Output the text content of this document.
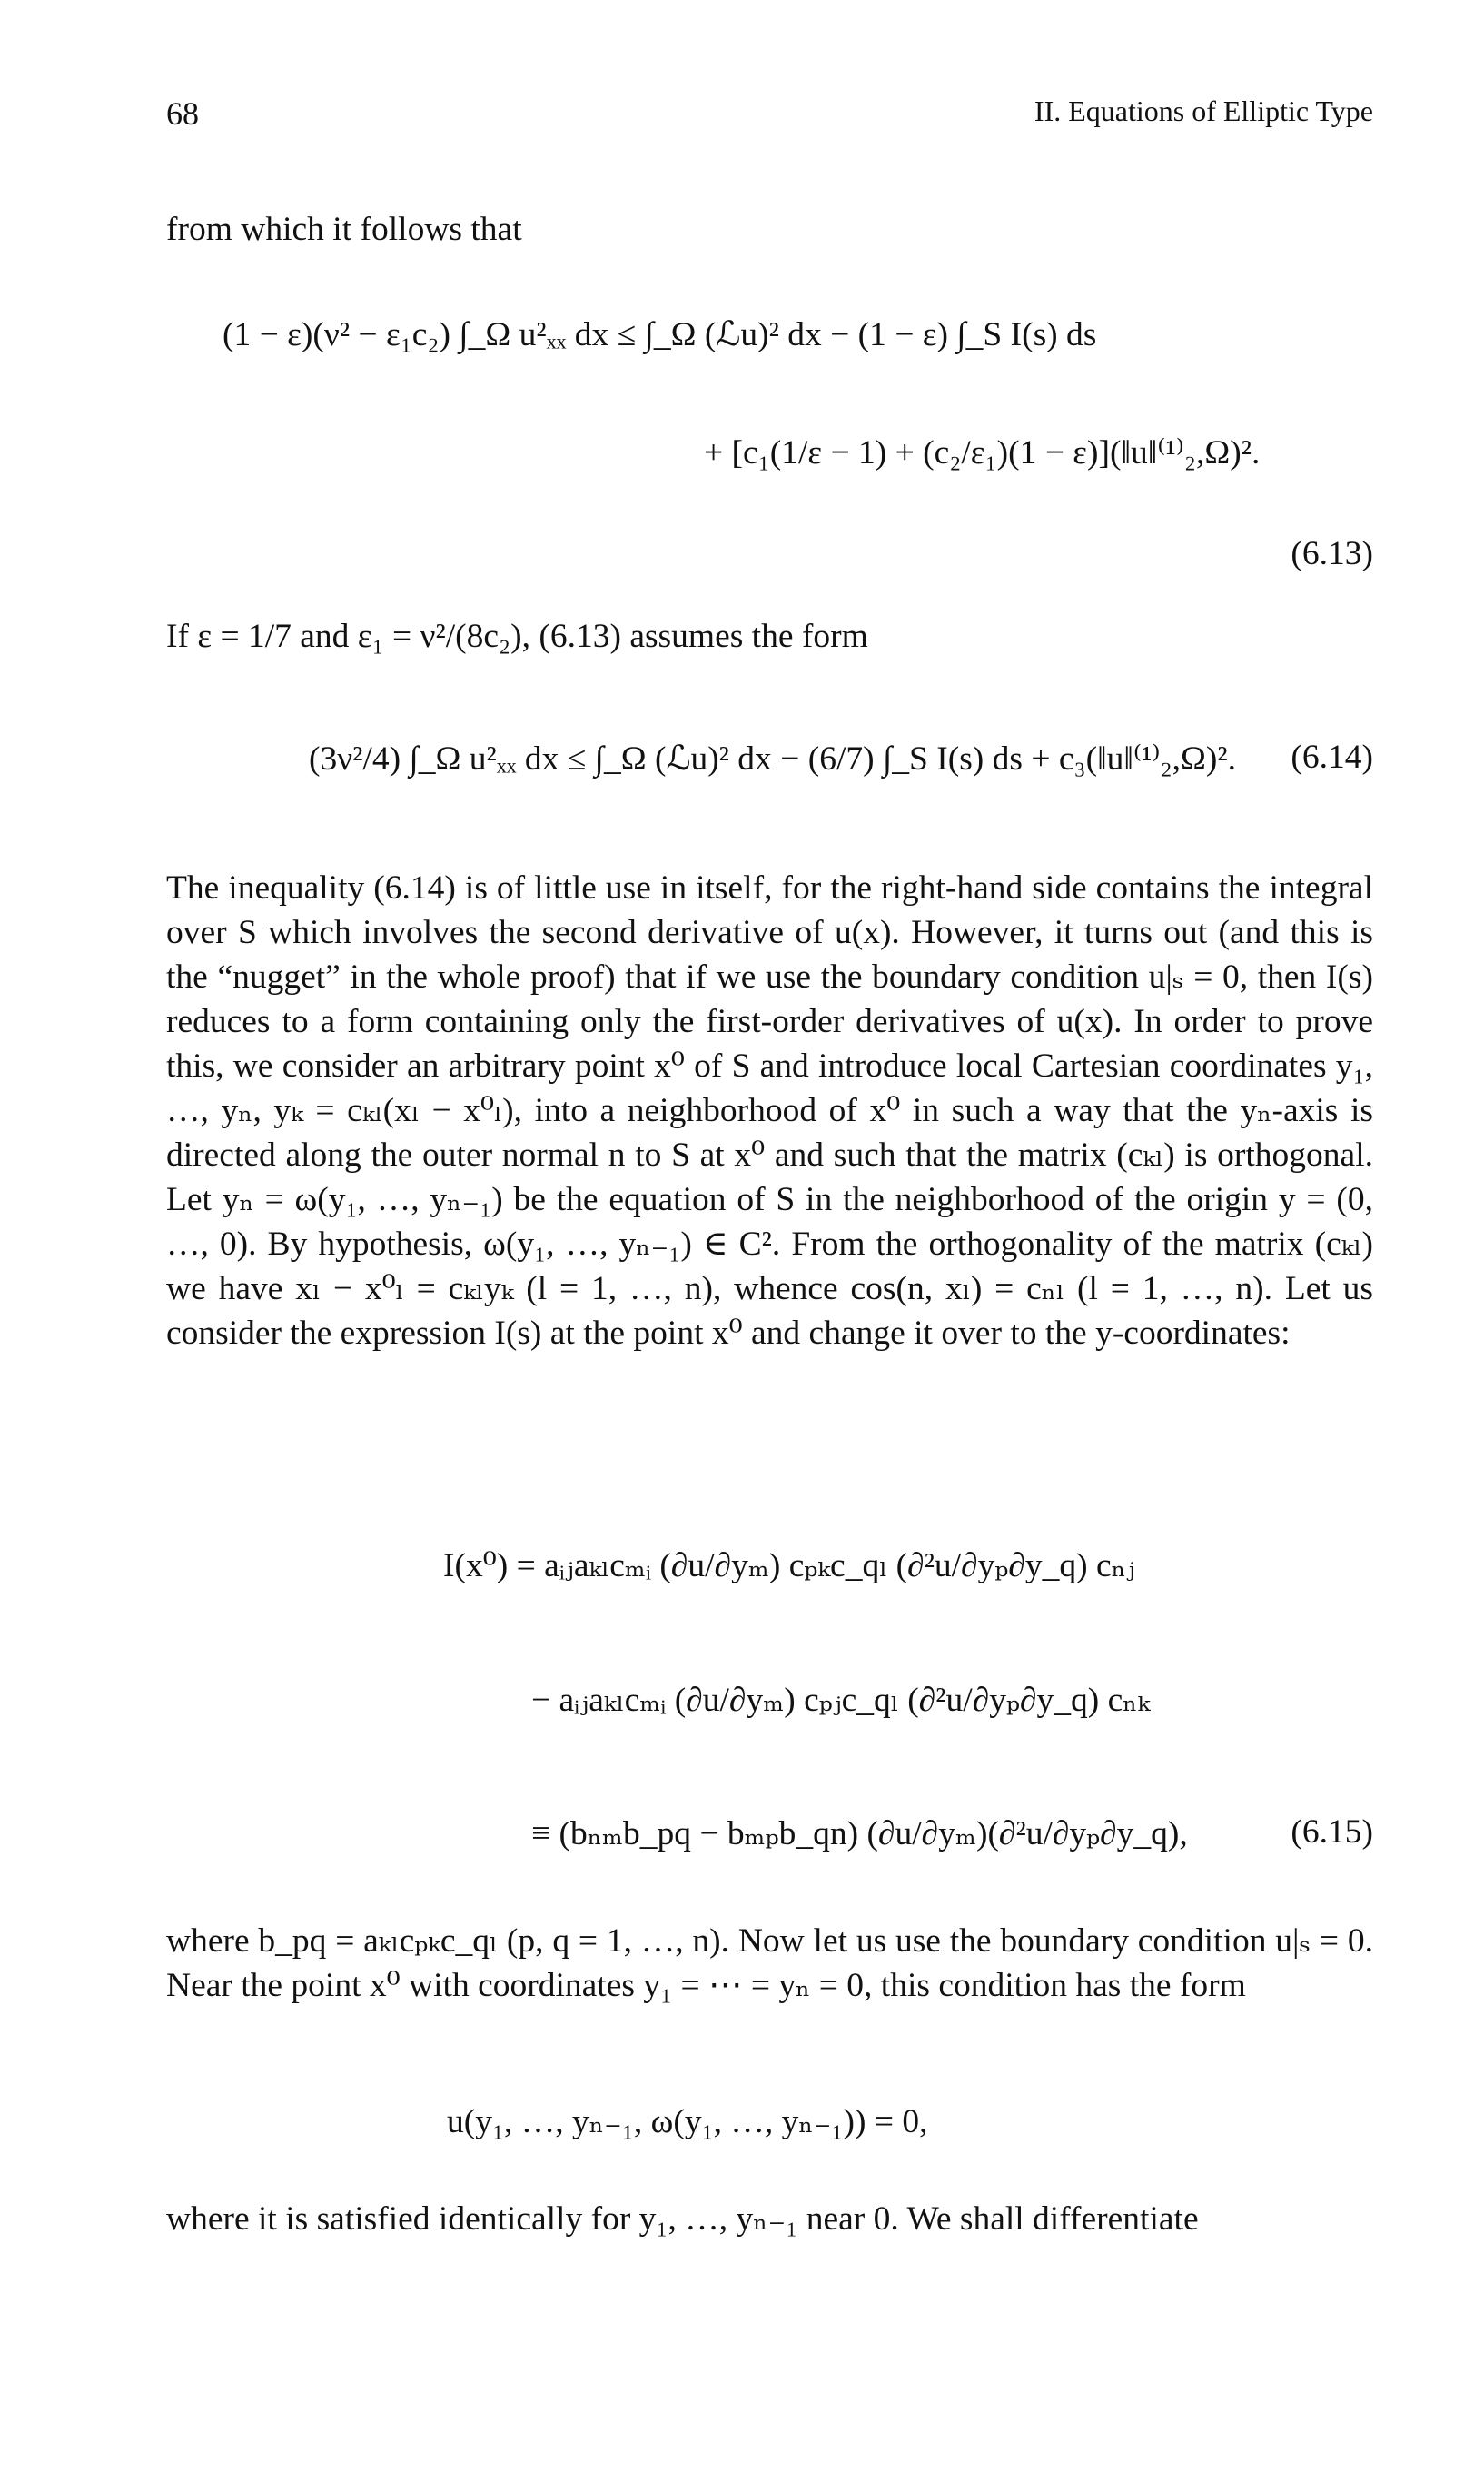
68	II. Equations of Elliptic Type
from which it follows that
(1 − ε)(ν² − ε₁c₂) ∫_Ω u²ₓₓ dx ≤ ∫_Ω (ℒu)² dx − (1 − ε) ∫_S I(s) ds
+ [c₁(1/ε − 1) + (c₂/ε₁)(1 − ε)](‖u‖⁽¹⁾₂,Ω)².
(6.13)
If ε = 1/7 and ε₁ = ν²/(8c₂), (6.13) assumes the form
(3ν²/4) ∫_Ω u²ₓₓ dx ≤ ∫_Ω (ℒu)² dx − (6/7) ∫_S I(s) ds + c₃(‖u‖⁽¹⁾₂,Ω)². (6.14)
The inequality (6.14) is of little use in itself, for the right-hand side contains the integral over S which involves the second derivative of u(x). However, it turns out (and this is the “nugget” in the whole proof) that if we use the boundary condition u|ₛ = 0, then I(s) reduces to a form containing only the first-order derivatives of u(x). In order to prove this, we consider an arbitrary point x⁰ of S and introduce local Cartesian coordinates y₁, …, yₙ, yₖ = cₖₗ(xₗ − x⁰ₗ), into a neighborhood of x⁰ in such a way that the yₙ-axis is directed along the outer normal n to S at x⁰ and such that the matrix (cₖₗ) is orthogonal. Let yₙ = ω(y₁, …, yₙ₋₁) be the equation of S in the neighborhood of the origin y = (0, …, 0). By hypothesis, ω(y₁, …, yₙ₋₁) ∈ C². From the orthogonality of the matrix (cₖₗ) we have xₗ − x⁰ₗ = cₖₗyₖ (l = 1, …, n), whence cos(n, xₗ) = cₙₗ (l = 1, …, n). Let us consider the expression I(s) at the point x⁰ and change it over to the y-coordinates:
I(x⁰) = aᵢⱼaₖₗcₘᵢ (∂u/∂yₘ) cₚₖc_qₗ (∂²u/∂yₚ∂y_q) cₙⱼ
− aᵢⱼaₖₗcₘᵢ (∂u/∂yₘ) cₚⱼc_qₗ (∂²u/∂yₚ∂y_q) cₙₖ
≡ (bₙₘb_pq − bₘₚb_qn) (∂u/∂yₘ)(∂²u/∂yₚ∂y_q),	(6.15)
where b_pq = aₖₗcₚₖc_qₗ (p, q = 1, …, n). Now let us use the boundary condition u|ₛ = 0. Near the point x⁰ with coordinates y₁ = ⋯ = yₙ = 0, this condition has the form
u(y₁, …, yₙ₋₁, ω(y₁, …, yₙ₋₁)) = 0,
where it is satisfied identically for y₁, …, yₙ₋₁ near 0. We shall differentiate
